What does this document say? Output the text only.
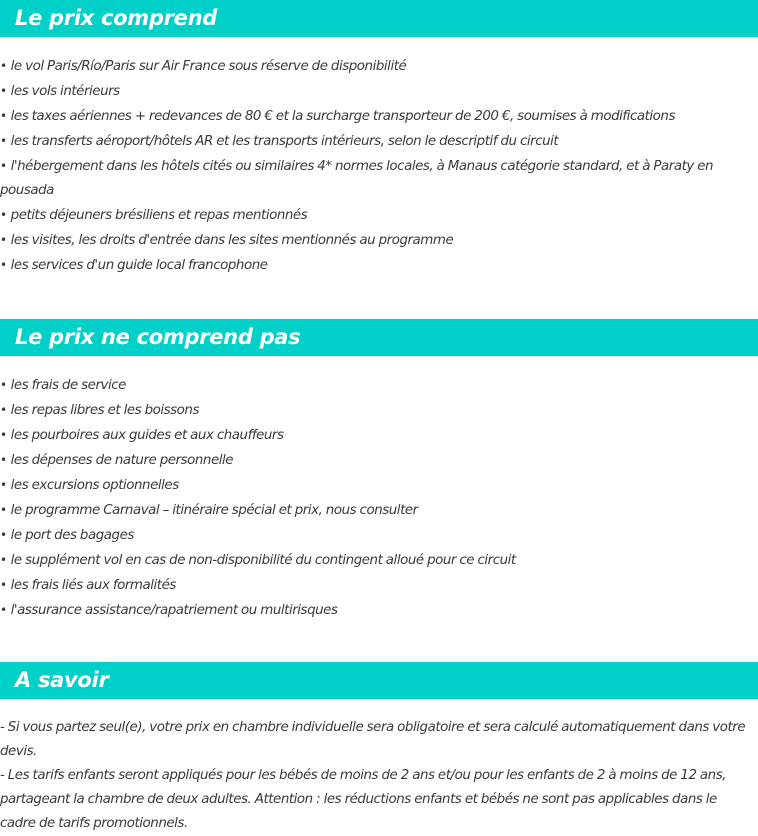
Le prix comprend
• le vol Paris/Río/Paris sur Air France sous réserve de disponibilité
• les vols intérieurs
• les taxes aériennes + redevances de 80 € et la surcharge transporteur de 200 €, soumises à modifications
• les transferts aéroport/hôtels AR et les transports intérieurs, selon le descriptif du circuit
• l'hébergement dans les hôtels cités ou similaires 4* normes locales, à Manaus catégorie standard, et à Paraty en pousada
• petits déjeuners brésiliens et repas mentionnés
• les visites, les droits d'entrée dans les sites mentionnés au programme
• les services d'un guide local francophone
Le prix ne comprend pas
• les frais de service
• les repas libres et les boissons
• les pourboires aux guides et aux chauffeurs
• les dépenses de nature personnelle
• les excursions optionnelles
• le programme Carnaval – itinéraire spécial et prix, nous consulter
• le port des bagages
• le supplément vol en cas de non-disponibilité du contingent alloué pour ce circuit
• les frais liés aux formalités
• l'assurance assistance/rapatriement ou multirisques
A savoir

- Si vous partez seul(e), votre prix en chambre individuelle sera obligatoire et sera calculé automatiquement dans votre devis.

- Les tarifs enfants seront appliqués pour les bébés de moins de 2 ans et/ou pour les enfants de 2 à moins de 12 ans, partageant la chambre de deux adultes. Attention : les réductions enfants et bébés ne sont pas applicables dans le cadre de tarifs promotionnels.
